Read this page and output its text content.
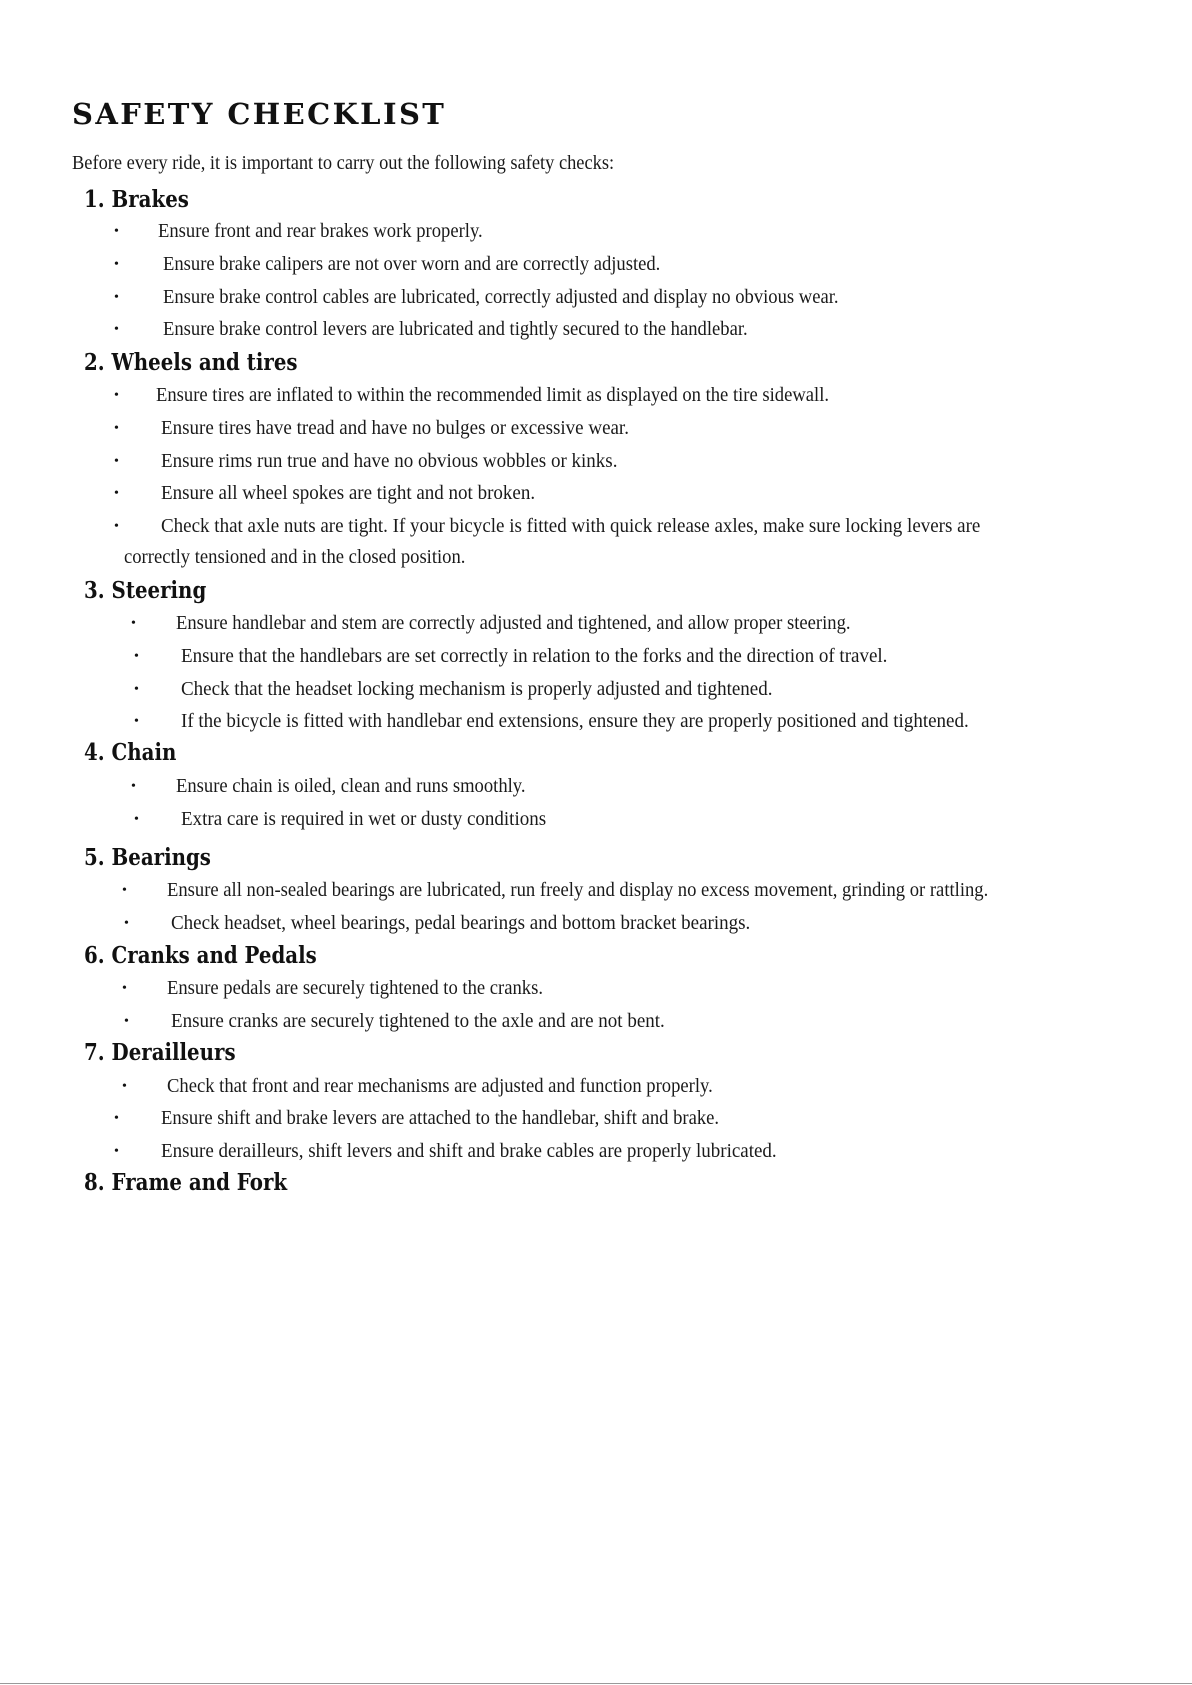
SAFETY CHECKLIST

Before every ride, it is important to carry out the following safety checks:

1. Brakes
• Ensure front and rear brakes work properly.

• Ensure brake calipers are not over worn and are correctly adjusted.

• Ensure brake control cables are lubricated, correctly adjusted and display no obvious wear.

• Ensure brake control levers are lubricated and tightly secured to the handlebar.

2. Wheels and tires
• Ensure tires are inflated to within the recommended limit as displayed on the tire sidewall.

• Ensure tires have tread and have no bulges or excessive wear.

• Ensure rims run true and have no obvious wobbles or kinks.

• Ensure all wheel spokes are tight and not broken.

• Check that axle nuts are tight. If your bicycle is fitted with quick release axles, make sure locking levers are

correctly tensioned and in the closed position.

3. Steering
• Ensure handlebar and stem are correctly adjusted and tightened, and allow proper steering.

• Ensure that the handlebars are set correctly in relation to the forks and the direction of travel.

• Check that the headset locking mechanism is properly adjusted and tightened.

• If the bicycle is fitted with handlebar end extensions, ensure they are properly positioned and tightened.

4. Chain
• Ensure chain is oiled, clean and runs smoothly.

• Extra care is required in wet or dusty conditions

5. Bearings
• Ensure all non-sealed bearings are lubricated, run freely and display no excess movement, grinding or rattling.

• Check headset, wheel bearings, pedal bearings and bottom bracket bearings.

6. Cranks and Pedals
• Ensure pedals are securely tightened to the cranks.

• Ensure cranks are securely tightened to the axle and are not bent.

7. Derailleurs
• Check that front and rear mechanisms are adjusted and function properly.

• Ensure shift and brake levers are attached to the handlebar, shift and brake.

• Ensure derailleurs, shift levers and shift and brake cables are properly lubricated.

8. Frame and Fork
